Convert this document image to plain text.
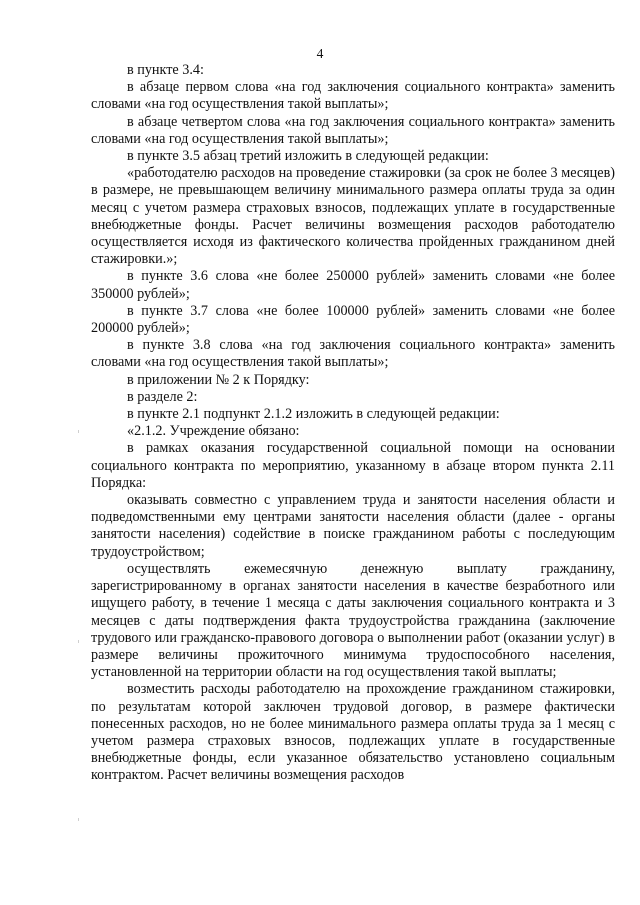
4

в пункте 3.4:

в абзаце первом слова «на год заключения социального контракта» заменить словами «на год осуществления такой выплаты»;

в абзаце четвертом слова «на год заключения социального контракта» заменить словами «на год осуществления такой выплаты»;

в пункте 3.5 абзац третий изложить в следующей редакции:

«работодателю расходов на проведение стажировки (за срок не более 3 месяцев) в размере, не превышающем величину минимального размера оплаты труда за один месяц с учетом размера страховых взносов, подлежащих уплате в государственные внебюджетные фонды. Расчет величины возмещения расходов работодателю осуществляется исходя из фактического количества пройденных гражданином дней стажировки.»;

в пункте 3.6 слова «не более 250000 рублей» заменить словами «не более 350000 рублей»;

в пункте 3.7 слова «не более 100000 рублей» заменить словами «не более 200000 рублей»;

в пункте 3.8 слова «на год заключения социального контракта» заменить словами «на год осуществления такой выплаты»;

в приложении № 2 к Порядку:

в разделе 2:

в пункте 2.1 подпункт 2.1.2 изложить в следующей редакции:

«2.1.2. Учреждение обязано:

в рамках оказания государственной социальной помощи на основании социального контракта по мероприятию, указанному в абзаце втором пункта 2.11 Порядка:

оказывать совместно с управлением труда и занятости населения области и подведомственными ему центрами занятости населения области (далее - органы занятости населения) содействие в поиске гражданином работы с последующим трудоустройством;

осуществлять ежемесячную денежную выплату гражданину, зарегистрированному в органах занятости населения в качестве безработного или ищущего работу, в течение 1 месяца с даты заключения социального контракта и 3 месяцев с даты подтверждения факта трудоустройства гражданина (заключение трудового или гражданско-правового договора о выполнении работ (оказании услуг) в размере величины прожиточного минимума трудоспособного населения, установленной на территории области на год осуществления такой выплаты;

возместить расходы работодателю на прохождение гражданином стажировки, по результатам которой заключен трудовой договор, в размере фактически понесенных расходов, но не более минимального размера оплаты труда за 1 месяц с учетом размера страховых взносов, подлежащих уплате в государственные внебюджетные фонды, если указанное обязательство установлено социальным контрактом. Расчет величины возмещения расходов
